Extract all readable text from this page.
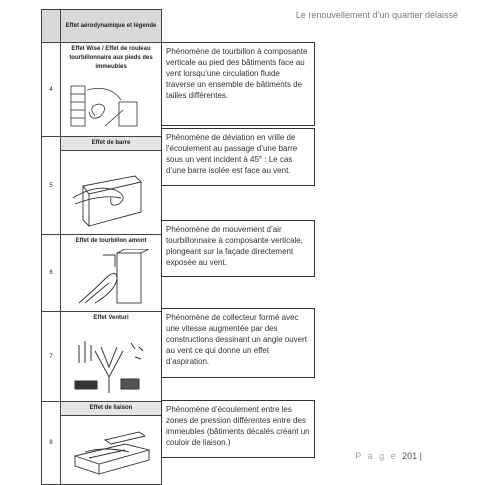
Le renouvellement d’un quartier délaissé
Effet aérodynamique et légende
4
Effet Wise / Effet de rouleau tourbillonnaire aux pieds des immeubles
5
Effet de barre
6
Effet de tourbillon amont
7
Effet Venturi
8
Effet de liaison
Phénomène de tourbillon à composante verticale au pied des bâtiments face au vent lorsqu’une circulation fluide traverse un ensemble de bâtiments de tailles différentes.
Phénomène de déviation en vrille de l’écoulement au passage d’une barre sous un vent incident à 45° : Le cas d’une barre isolée est face au vent.
Phénomène de mouvement d’air tourbillonnaire à composante verticale, plongeant sur la façade directement exposée au vent.
Phénomène de collecteur formé avec une vitesse augmentée par des constructions dessinant un angle ouvert au vent ce qui donne un effet d’aspiration.
Phénomène d’écoulement entre les zones de pression différentes entre des immeubles (bâtiments décalés créant un couloir de liaison.)
P a g e 201 |
